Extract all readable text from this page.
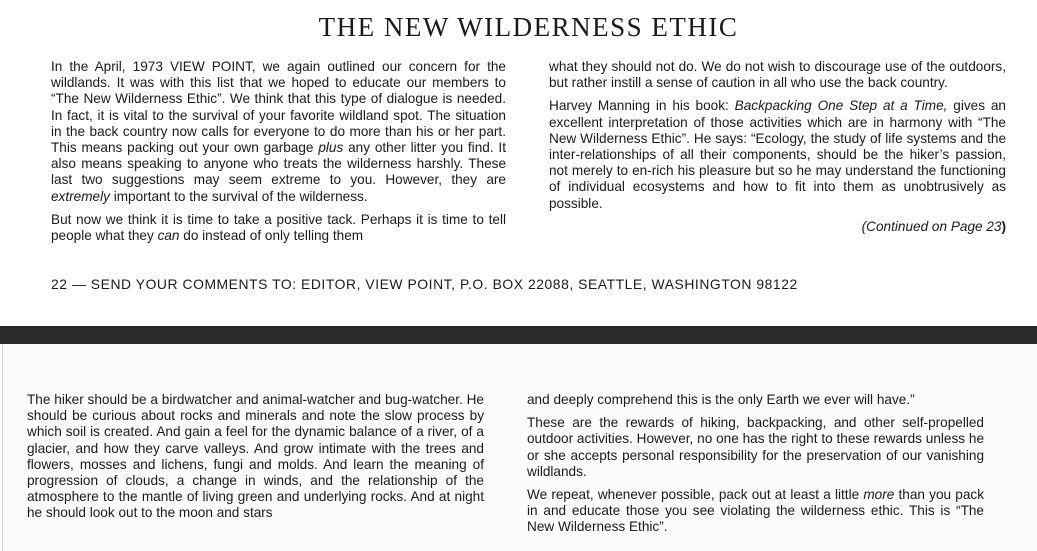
THE NEW WILDERNESS ETHIC

In the April, 1973 VIEW POINT, we again outlined our concern for the wildlands. It was with this list that we hoped to educate our members to “The New Wilderness Ethic”. We think that this type of dialogue is needed. In fact, it is vital to the survival of your favorite wildland spot. The situation in the back country now calls for everyone to do more than his or her part. This means packing out your own garbage plus any other litter you find. It also means speaking to anyone who treats the wilderness harshly. These last two suggestions may seem extreme to you. However, they are extremely important to the survival of the wilderness.

But now we think it is time to take a positive tack. Perhaps it is time to tell people what they can do instead of only telling them

what they should not do. We do not wish to discourage use of the outdoors, but rather instill a sense of caution in all who use the back country.

Harvey Manning in his book: Backpacking One Step at a Time, gives an excellent interpretation of those activities which are in harmony with “The New Wilderness Ethic”. He says: “Ecology, the study of life systems and the inter-relationships of all their components, should be the hiker’s passion, not merely to en-rich his pleasure but so he may understand the functioning of individual ecosystems and how to fit into them as unobtrusively as possible.

(Continued on Page 23)

22 — SEND YOUR COMMENTS TO: EDITOR, VIEW POINT, P.O. BOX 22088, SEATTLE, WASHINGTON 98122

The hiker should be a birdwatcher and animal-watcher and bug-watcher. He should be curious about rocks and minerals and note the slow process by which soil is created. And gain a feel for the dynamic balance of a river, of a glacier, and how they carve valleys. And grow intimate with the trees and flowers, mosses and lichens, fungi and molds. And learn the meaning of progression of clouds, a change in winds, and the relationship of the atmosphere to the mantle of living green and underlying rocks. And at night he should look out to the moon and stars

and deeply comprehend this is the only Earth we ever will have.”

These are the rewards of hiking, backpacking, and other self-propelled outdoor activities. However, no one has the right to these rewards unless he or she accepts personal responsibility for the preservation of our vanishing wildlands.

We repeat, whenever possible, pack out at least a little more than you pack in and educate those you see violating the wilderness ethic. This is “The New Wilderness Ethic”.
